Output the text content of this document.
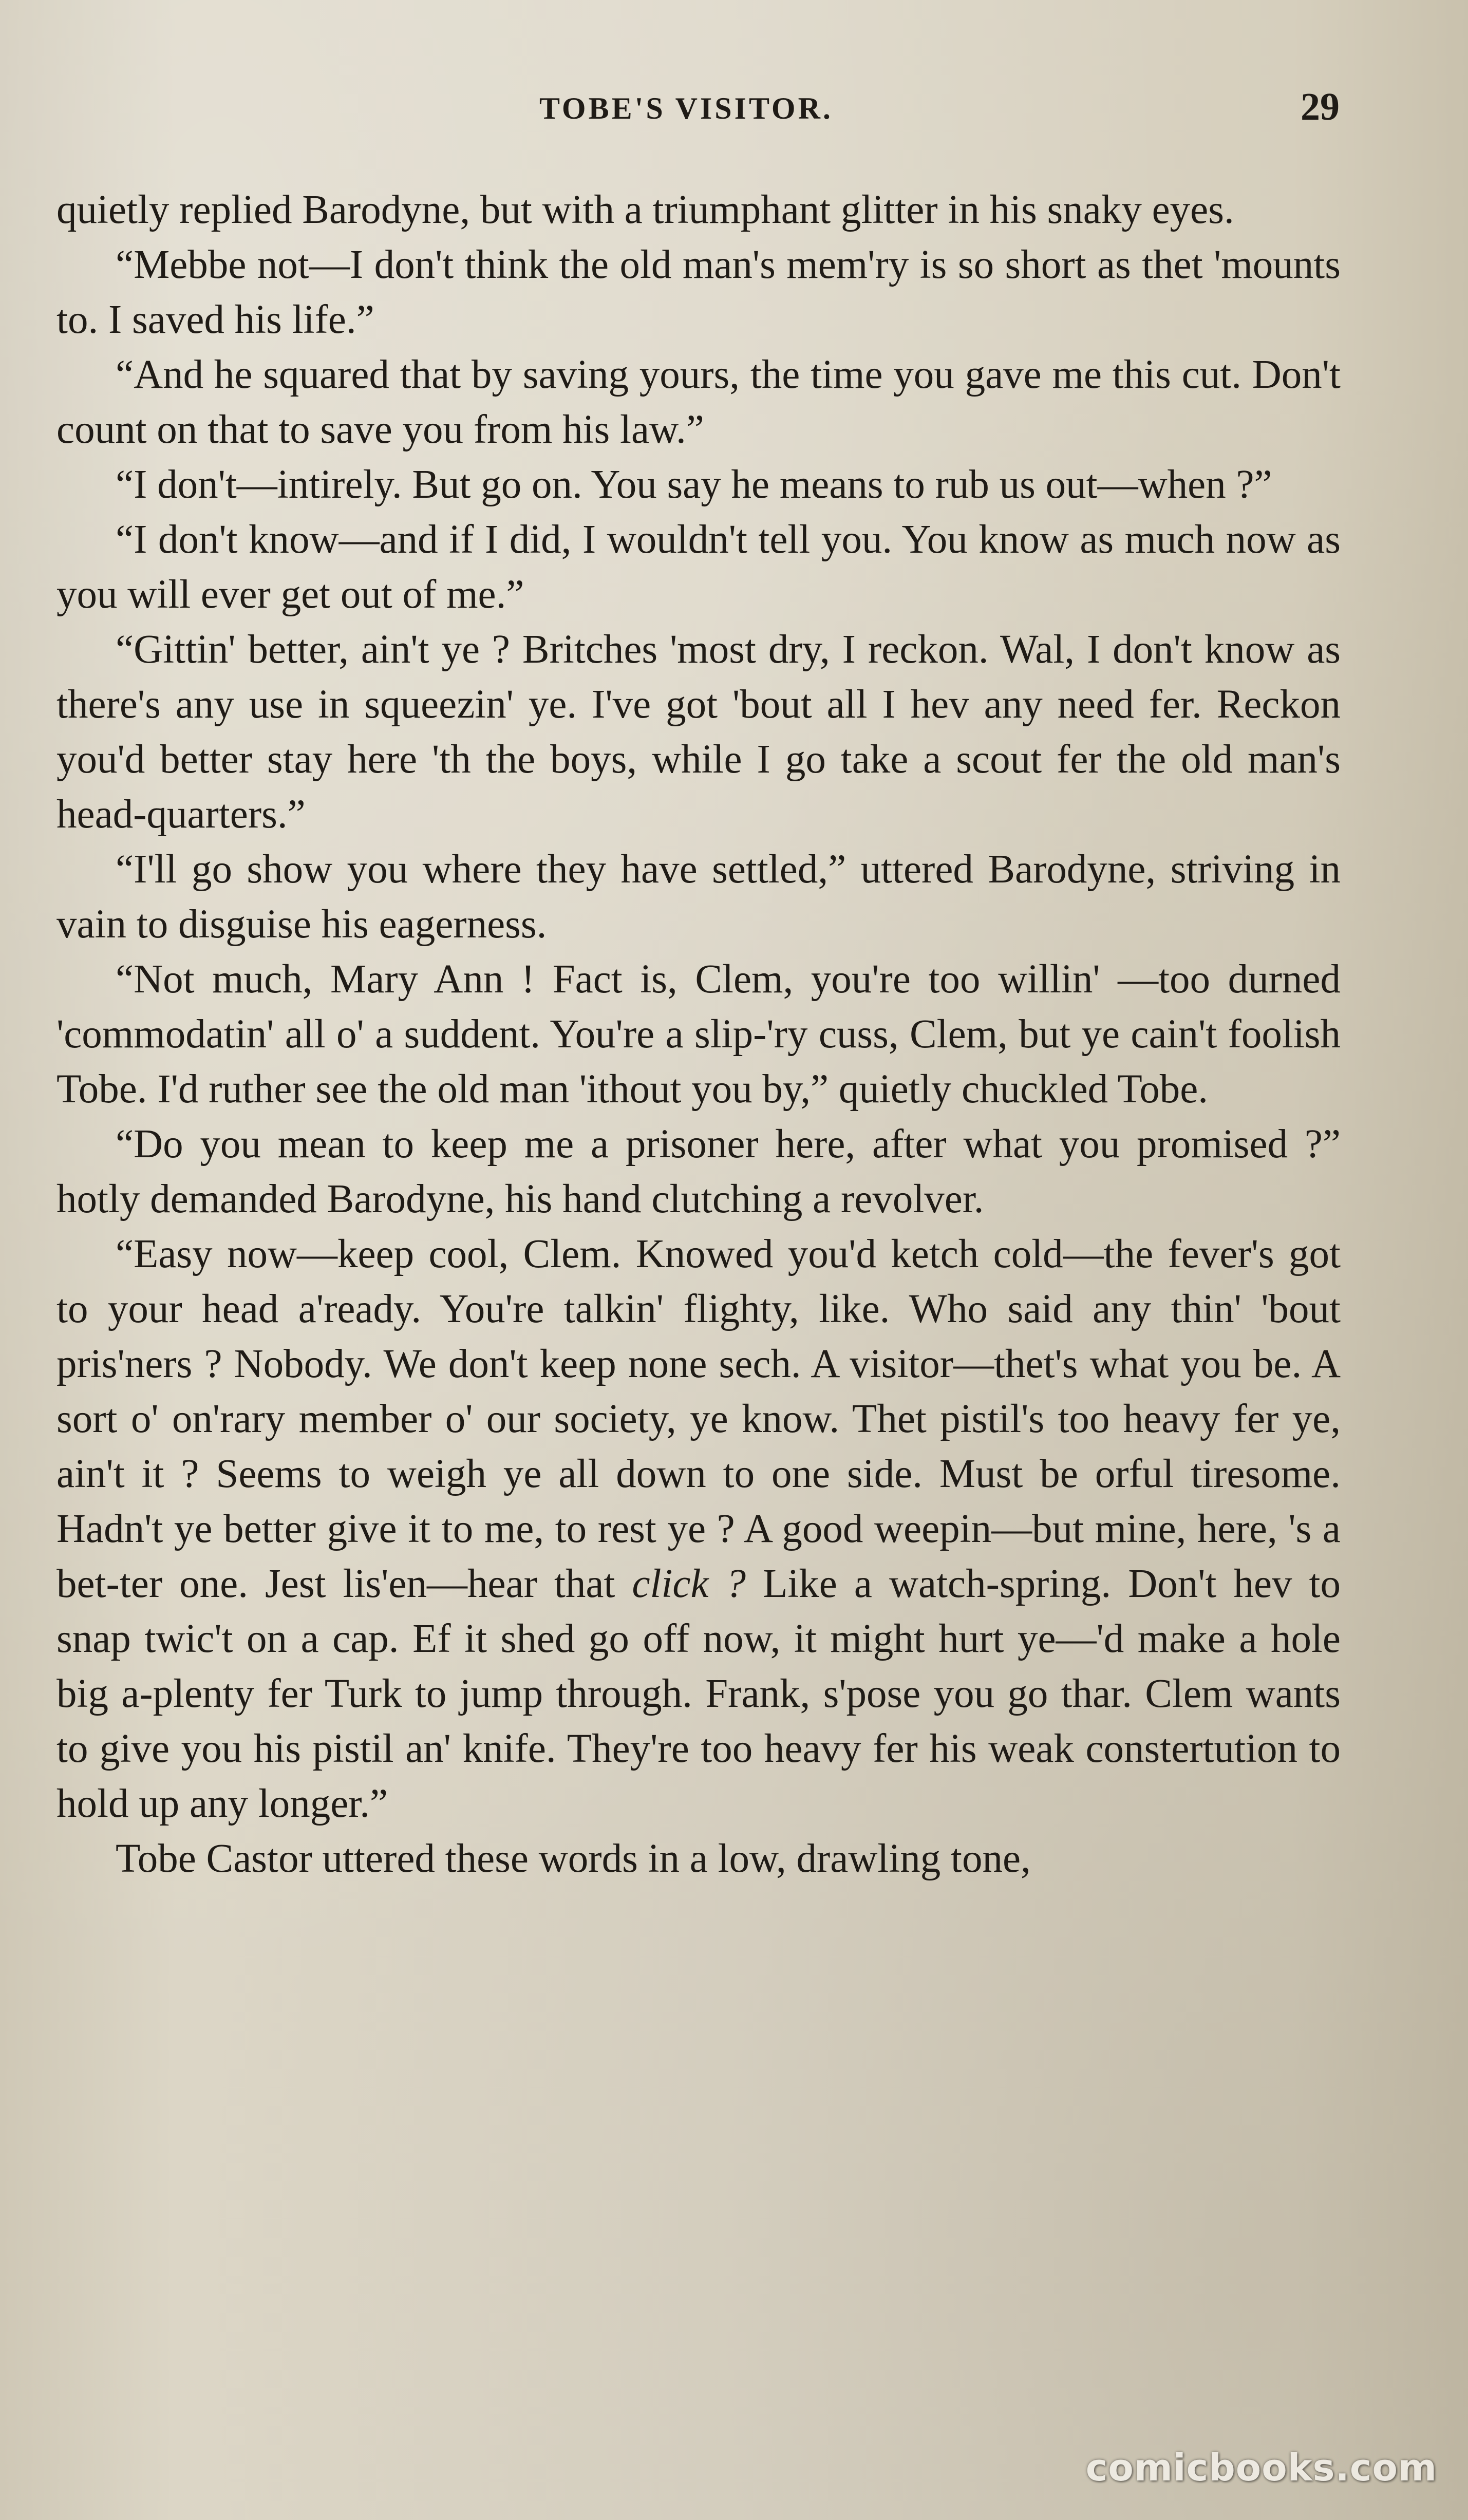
TOBE'S VISITOR.	29

quietly replied Barodyne, but with a triumphant glitter in his snaky eyes.

“Mebbe not—I don't think the old man's mem'ry is so short as thet 'mounts to. I saved his life.”

“And he squared that by saving yours, the time you gave me this cut. Don't count on that to save you from his law.”

“I don't—intirely. But go on. You say he means to rub us out—when ?”

“I don't know—and if I did, I wouldn't tell you. You know as much now as you will ever get out of me.”

“Gittin' better, ain't ye ? Britches 'most dry, I reckon. Wal, I don't know as there's any use in squeezin' ye. I've got 'bout all I hev any need fer. Reckon you'd better stay here 'th the boys, while I go take a scout fer the old man's head-quarters.”

“I'll go show you where they have settled,” uttered Barodyne, striving in vain to disguise his eagerness.

“Not much, Mary Ann ! Fact is, Clem, you're too willin' —too durned 'commodatin' all o' a suddent. You're a slip-'ry cuss, Clem, but ye cain't foolish Tobe. I'd ruther see the old man 'ithout you by,” quietly chuckled Tobe.

“Do you mean to keep me a prisoner here, after what you promised ?” hotly demanded Barodyne, his hand clutching a revolver.

“Easy now—keep cool, Clem. Knowed you'd ketch cold—the fever's got to your head a'ready. You're talkin' flighty, like. Who said any thin' 'bout pris'ners ? Nobody. We don't keep none sech. A visitor—thet's what you be. A sort o' on'rary member o' our society, ye know. Thet pistil's too heavy fer ye, ain't it ? Seems to weigh ye all down to one side. Must be orful tiresome. Hadn't ye better give it to me, to rest ye ? A good weepin—but mine, here, 's a bet-ter one. Jest lis'en—hear that click ? Like a watch-spring. Don't hev to snap twic't on a cap. Ef it shed go off now, it might hurt ye—'d make a hole big a-plenty fer Turk to jump through. Frank, s'pose you go thar. Clem wants to give you his pistil an' knife. They're too heavy fer his weak constertution to hold up any longer.”

Tobe Castor uttered these words in a low, drawling tone,

comicbooks.com
